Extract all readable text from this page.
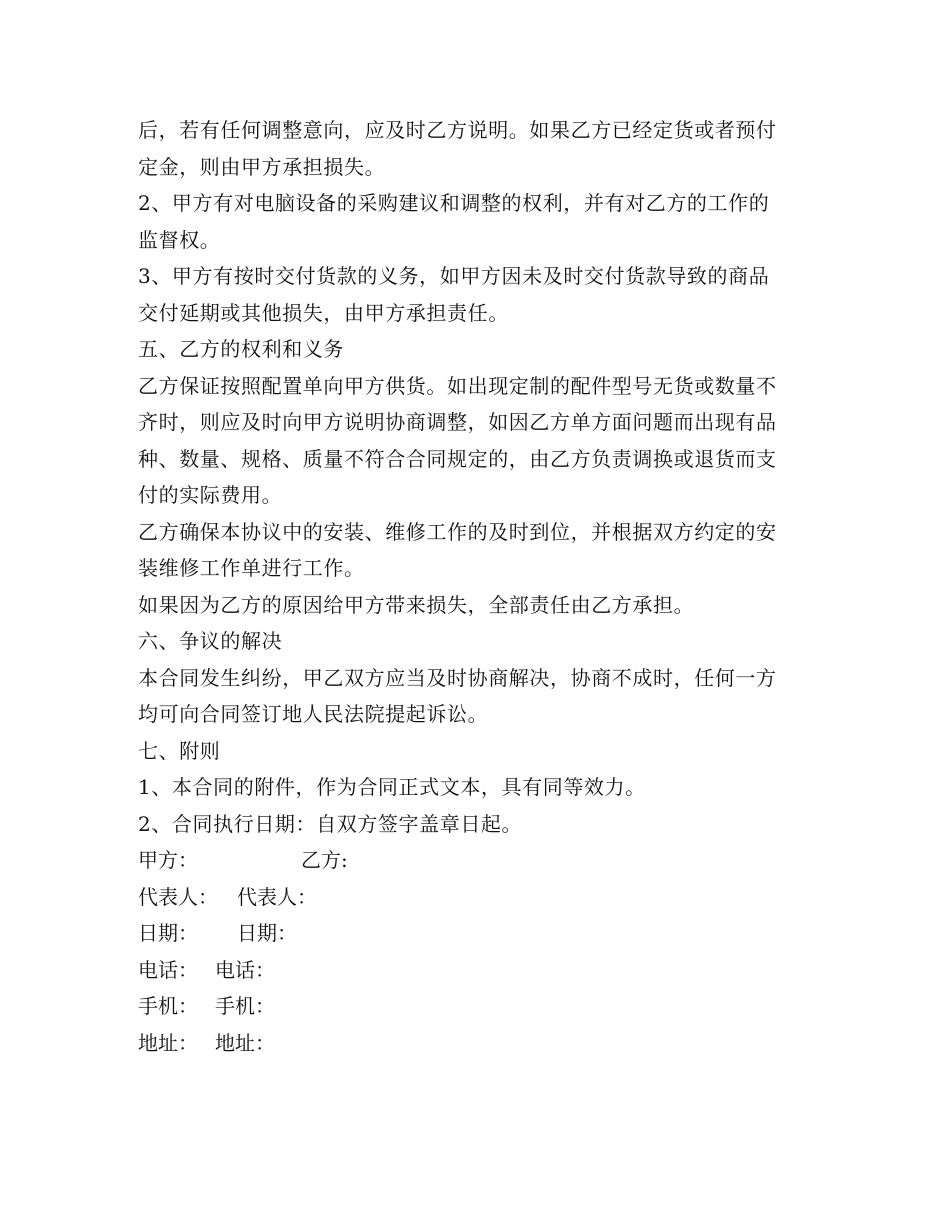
后，若有任何调整意向，应及时乙方说明。如果乙方已经定货或者预付
定金，则由甲方承担损失。
2、甲方有对电脑设备的采购建议和调整的权利，并有对乙方的工作的
监督权。
3、甲方有按时交付货款的义务，如甲方因未及时交付货款导致的商品
交付延期或其他损失，由甲方承担责任。
五、乙方的权利和义务
乙方保证按照配置单向甲方供货。如出现定制的配件型号无货或数量不
齐时，则应及时向甲方说明协商调整，如因乙方单方面问题而出现有品
种、数量、规格、质量不符合合同规定的，由乙方负责调换或退货而支
付的实际费用。
乙方确保本协议中的安装、维修工作的及时到位，并根据双方约定的安
装维修工作单进行工作。
如果因为乙方的原因给甲方带来损失，全部责任由乙方承担。
六、争议的解决
本合同发生纠纷，甲乙双方应当及时协商解决，协商不成时，任何一方
均可向合同签订地人民法院提起诉讼。
七、附则
1、本合同的附件，作为合同正式文本，具有同等效力。
2、合同执行日期：自双方签字盖章日起。
甲方：	乙方:
代表人： 代表人：
日期： 日期：
电话： 电话：
手机： 手机：
地址： 地址：
